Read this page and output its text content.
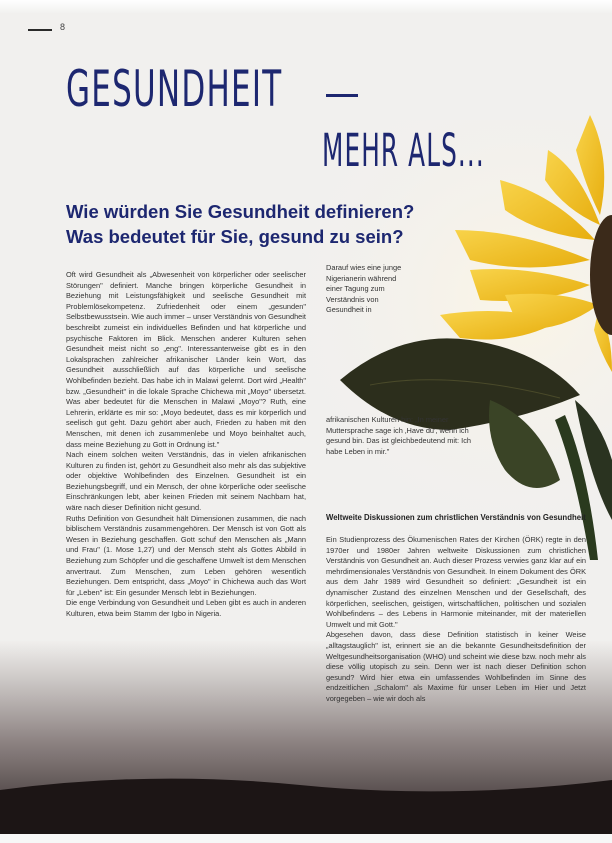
8
GESUNDHEIT
MEHR ALS...
Wie würden Sie Gesundheit definieren?
Was bedeutet für Sie, gesund zu sein?

Oft wird Gesundheit als „Abwesenheit von körperlicher oder seelischer Störungen" definiert. Manche bringen körperliche Gesundheit in Beziehung mit Leistungsfähigkeit und seelische Gesundheit mit Problemlösekompetenz. Zufriedenheit oder einem „gesunden" Selbstbewusstsein. Wie auch immer – unser Verständnis von Gesundheit beschreibt zumeist ein individuelles Befinden und hat körperliche und psychische Faktoren im Blick. Menschen anderer Kulturen sehen Gesundheit meist nicht so „eng". Interessanterweise gibt es in den Lokalsprachen zahlreicher afrikanischer Länder kein Wort, das Gesundheit ausschließlich auf das körperliche und seelische Wohlbefinden bezieht. Das habe ich in Malawi gelernt. Dort wird „Health" bzw. „Gesundheit" in die lokale Sprache Chichewa mit „Moyo" übersetzt. Was aber bedeutet für die Menschen in Malawi „Moyo"? Ruth, eine Lehrerin, erklärte es mir so: „Moyo bedeutet, dass es mir körperlich und seelisch gut geht. Dazu gehört aber auch, Frieden zu haben mit den Menschen, mit denen ich zusammenlebe und Moyo beinhaltet auch, dass meine Beziehung zu Gott in Ordnung ist."

Nach einem solchen weiten Verständnis, das in vielen afrikanischen Kulturen zu finden ist, gehört zu Gesundheit also mehr als das subjektive oder objektive Wohlbefinden des Einzelnen. Gesundheit ist ein Beziehungsbegriff, und ein Mensch, der ohne körperliche oder seelische Einschränkungen lebt, aber keinen Frieden mit seinem Nachbarn hat, wäre nach dieser Definition nicht gesund.

Ruths Definition von Gesundheit hält Dimensionen zusammen, die nach biblischem Verständnis zusammengehören. Der Mensch ist von Gott als Wesen in Beziehung geschaffen. Gott schuf den Menschen als „Mann und Frau" (1. Mose 1,27) und der Mensch steht als Gottes Abbild in Beziehung zum Schöpfer und die geschaffene Umwelt ist dem Menschen anvertraut. Zum Menschen, zum Leben gehören wesentlich Beziehungen. Dem entspricht, dass „Moyo" in Chichewa auch das Wort für „Leben" ist: Ein gesunder Mensch lebt in Beziehungen.

Die enge Verbindung von Gesundheit und Leben gibt es auch in anderen Kulturen, etwa beim Stamm der Igbo in Nigeria.

Darauf wies eine junge Nigerianerin während einer Tagung zum Verständnis von Gesundheit in
afrikanischen Kulturen hin: „In meiner Muttersprache sage ich ‚Have du', wenn ich gesund bin. Das ist gleichbedeutend mit: Ich habe Leben in mir."
Weltweite Diskussionen zum christlichen Verständnis von Gesundheit

Ein Studienprozess des Ökumenischen Rates der Kirchen (ÖRK) regte in den 1970er und 1980er Jahren weltweite Diskussionen zum christlichen Verständnis von Gesundheit an. Auch dieser Prozess verwies ganz klar auf ein mehrdimensionales Verständnis von Gesundheit. In einem Dokument des ÖRK aus dem Jahr 1989 wird Gesundheit so definiert: „Gesundheit ist ein dynamischer Zustand des einzelnen Menschen und der Gesellschaft, des körperlichen, seelischen, geistigen, wirtschaftlichen, politischen und sozialen Wohlbefindens – des Lebens in Harmonie miteinander, mit der materiellen Umwelt und mit Gott."

Abgesehen davon, dass diese Definition statistisch in keiner Weise „alltagstauglich" ist, erinnert sie an die bekannte Gesundheitsdefinition der Weltgesundheitsorganisation (WHO) und scheint wie diese bzw. noch mehr als diese völlig utopisch zu sein. Denn wer ist nach dieser Definition schon gesund? Wird hier etwa ein umfassendes Wohlbefinden im Sinne des endzeitlichen „Schalom" als Maxime für unser Leben im Hier und Jetzt vorgegeben – wie wir doch als
